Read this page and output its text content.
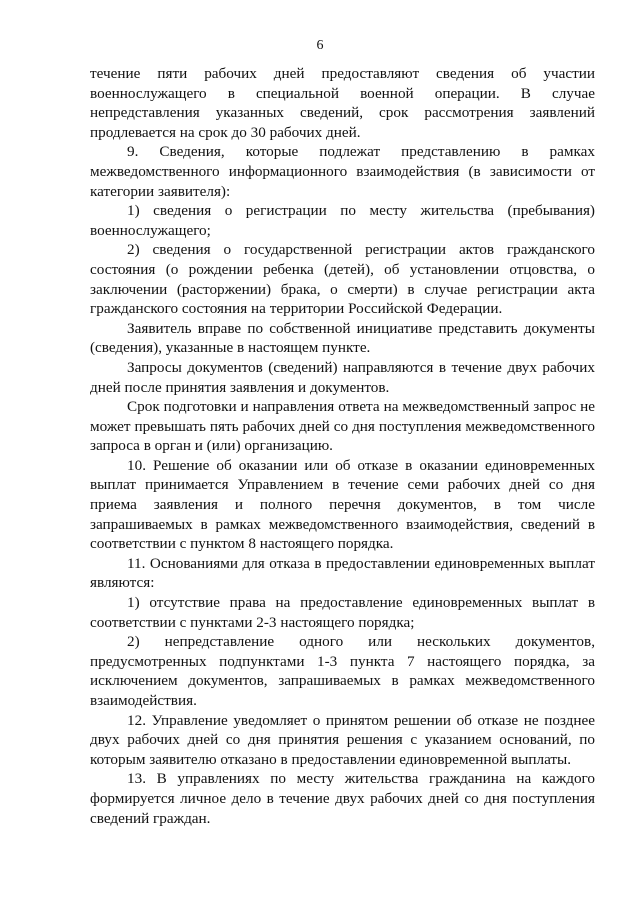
6

течение пяти рабочих дней предоставляют сведения об участии военнослужащего в специальной военной операции. В случае непредставления указанных сведений, срок рассмотрения заявлений продлевается на срок до 30 рабочих дней.

9. Сведения, которые подлежат представлению в рамках межведомственного информационного взаимодействия (в зависимости от категории заявителя):

1) сведения о регистрации по месту жительства (пребывания) военнослужащего;

2) сведения о государственной регистрации актов гражданского состояния (о рождении ребенка (детей), об установлении отцовства, о заключении (расторжении) брака, о смерти) в случае регистрации акта гражданского состояния на территории Российской Федерации.

Заявитель вправе по собственной инициативе представить документы (сведения), указанные в настоящем пункте.

Запросы документов (сведений) направляются в течение двух рабочих дней после принятия заявления и документов.

Срок подготовки и направления ответа на межведомственный запрос не может превышать пять рабочих дней со дня поступления межведомственного запроса в орган и (или) организацию.

10. Решение об оказании или об отказе в оказании единовременных выплат принимается Управлением в течение семи рабочих дней со дня приема заявления и полного перечня документов, в том числе запрашиваемых в рамках межведомственного взаимодействия, сведений в соответствии с пунктом 8 настоящего порядка.

11. Основаниями для отказа в предоставлении единовременных выплат являются:

1) отсутствие права на предоставление единовременных выплат в соответствии с пунктами 2-3 настоящего порядка;

2) непредставление одного или нескольких документов, предусмотренных подпунктами 1-3 пункта 7 настоящего порядка, за исключением документов, запрашиваемых в рамках межведомственного взаимодействия.

12. Управление уведомляет о принятом решении об отказе не позднее двух рабочих дней со дня принятия решения с указанием оснований, по которым заявителю отказано в предоставлении единовременной выплаты.

13. В управлениях по месту жительства гражданина на каждого формируется личное дело в течение двух рабочих дней со дня поступления сведений граждан.
